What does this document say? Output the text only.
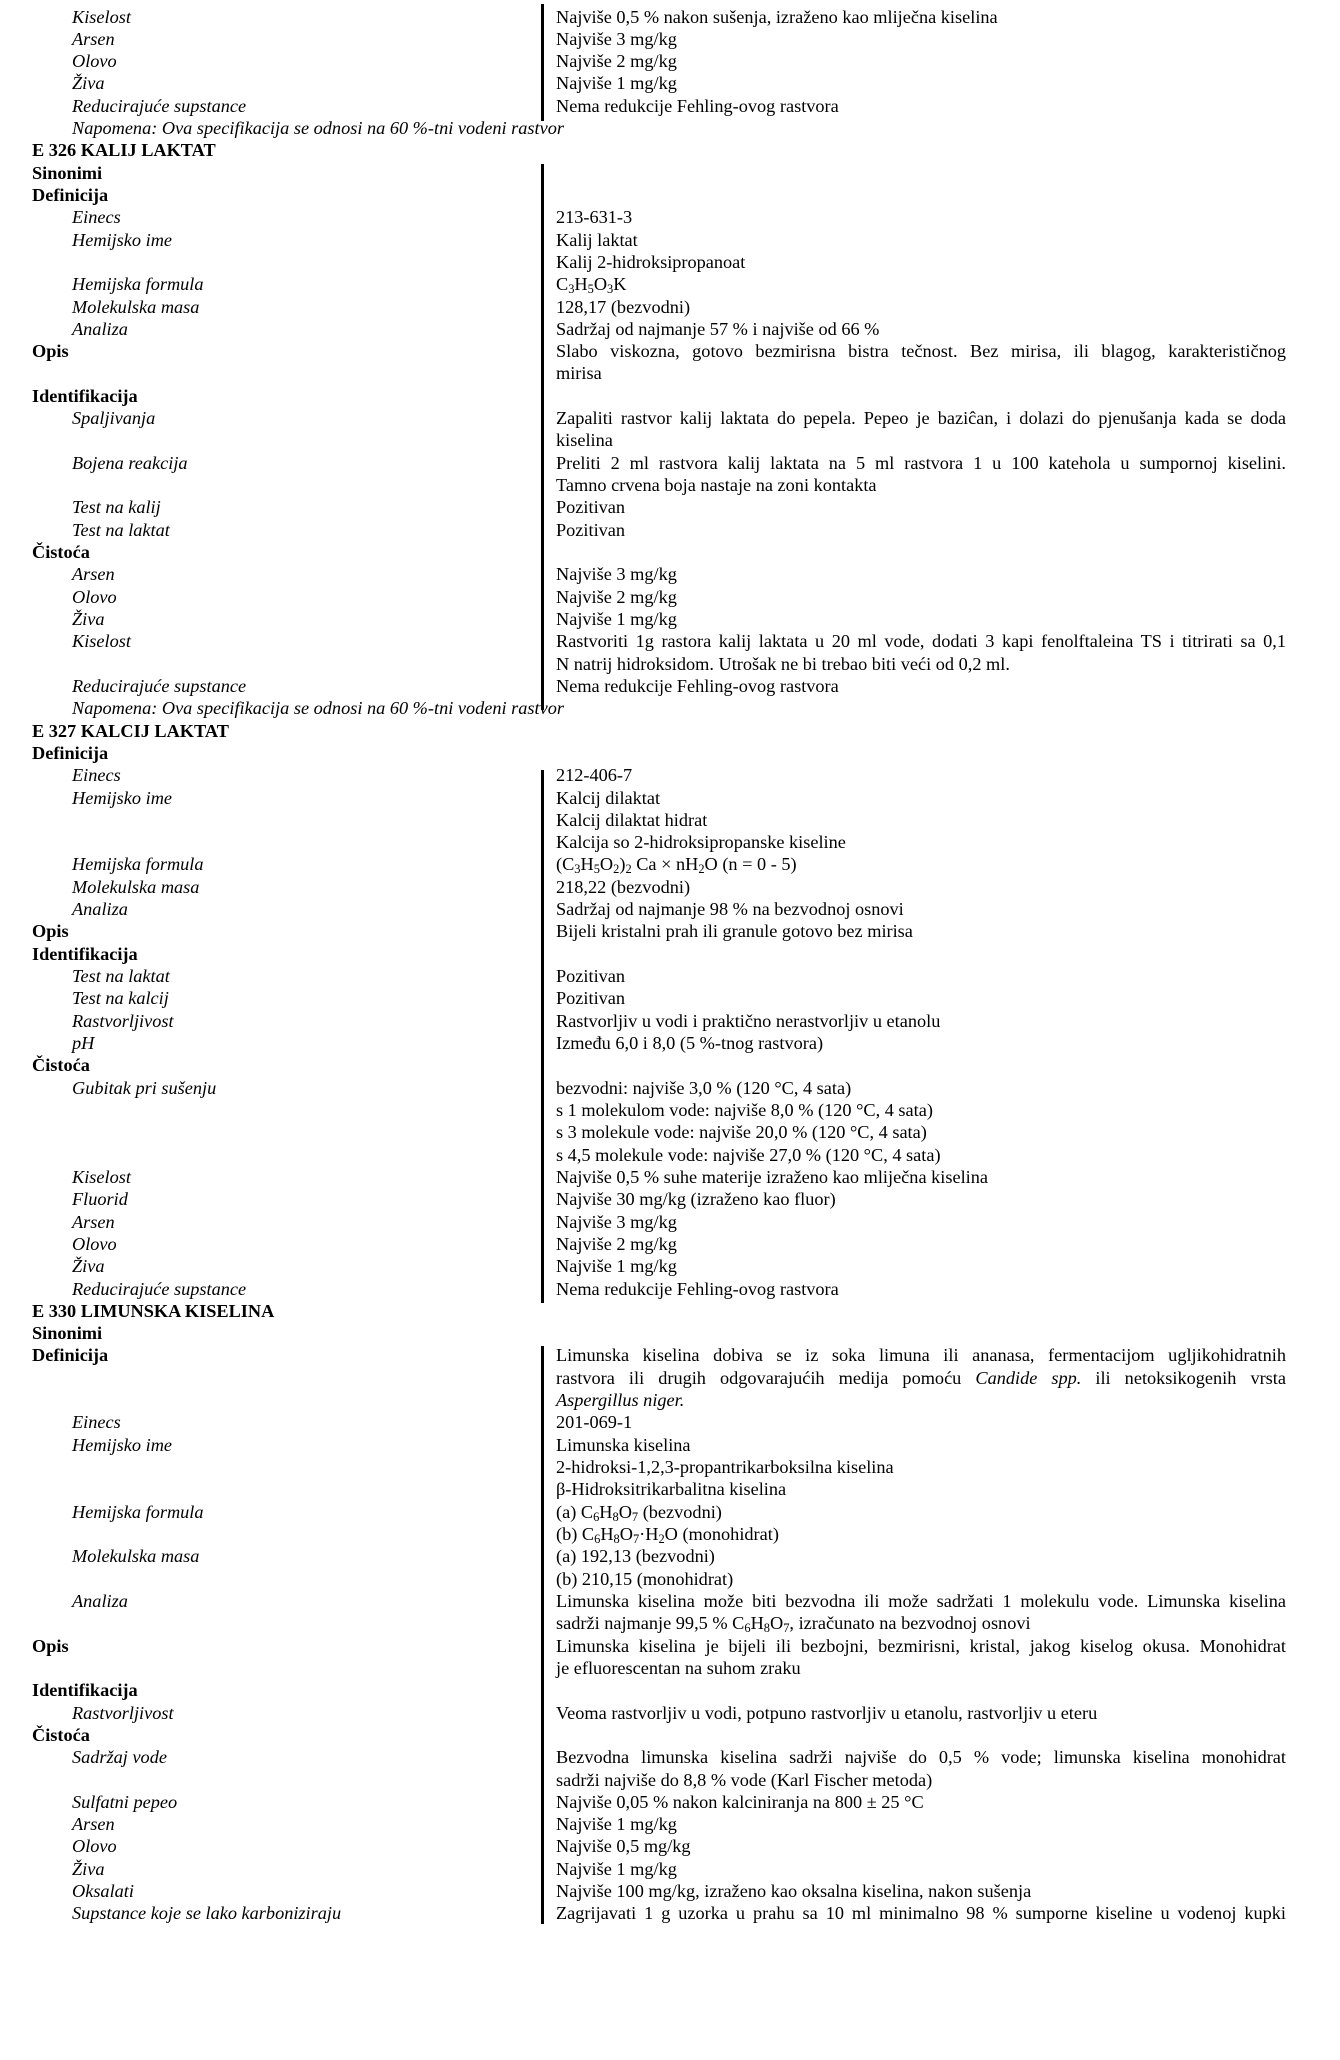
Kiselost	Najviše 0,5 % nakon sušenja, izraženo kao mliječna kiselina
Arsen	Najviše 3 mg/kg
Olovo	Najviše 2 mg/kg
Živa	Najviše 1 mg/kg
Reducirajuće supstance	Nema redukcije Fehling-ovog rastvora
Napomena: Ova specifikacija se odnosi na 60 %-tni vodeni rastvor
E 326 KALIJ LAKTAT
Sinonimi
Definicija
Einecs	213-631-3
Hemijsko ime	Kalij laktat
Kalij 2-hidroksipropanoat
Hemijska formula	$C_3H_5O_3K$
Molekulska masa	128,17 (bezvodni)
Analiza	Sadržaj od najmanje 57 % i najviše od 66 %
Opis	Slabo viskozna, gotovo bezmirisna bistra tečnost. Bez mirisa, ili blagog, karakterističnog
mirisa
Identifikacija
Spaljivanja	Zapaliti rastvor kalij laktata do pepela. Pepeo je baziĉan, i dolazi do pjenušanja kada se doda
kiselina
Bojena reakcija	Preliti 2 ml rastvora kalij laktata na 5 ml rastvora 1 u 100 katehola u sumpornoj kiselini.
Tamno crvena boja nastaje na zoni kontakta
Test na kalij	Pozitivan
Test na laktat	Pozitivan
Čistoća
Arsen	Najviše 3 mg/kg
Olovo	Najviše 2 mg/kg
Živa	Najviše 1 mg/kg
Kiselost	Rastvoriti 1g rastora kalij laktata u 20 ml vode, dodati 3 kapi fenolftaleina TS i titrirati sa 0,1
N natrij hidroksidom. Utrošak ne bi trebao biti veći od 0,2 ml.
Reducirajuće supstance	Nema redukcije Fehling-ovog rastvora
Napomena: Ova specifikacija se odnosi na 60 %-tni vodeni rastvor
E 327 KALCIJ LAKTAT
Definicija
Einecs	212-406-7
Hemijsko ime	Kalcij dilaktat
Kalcij dilaktat hidrat
Kalcija so 2-hidroksipropanske kiseline
Hemijska formula	$(C_3H_5O_2)_2$ $Ca \times nH_2O$ (n = 0 - 5)
Molekulska masa	218,22 (bezvodni)
Analiza	Sadržaj od najmanje 98 % na bezvodnoj osnovi
Opis	Bijeli kristalni prah ili granule gotovo bez mirisa
Identifikacija
Test na laktat	Pozitivan
Test na kalcij	Pozitivan
Rastvorljivost	Rastvorljiv u vodi i praktično nerastvorljiv u etanolu
pH	Između 6,0 i 8,0 (5 %-tnog rastvora)
Čistoća
Gubitak pri sušenju	bezvodni: najviše 3,0 % (120 °C, 4 sata)
s 1 molekulom vode: najviše 8,0 % (120 °C, 4 sata)
s 3 molekule vode: najviše 20,0 % (120 °C, 4 sata)
s 4,5 molekule vode: najviše 27,0 % (120 °C, 4 sata)
Kiselost	Najviše 0,5 % suhe materije izraženo kao mliječna kiselina
Fluorid	Najviše 30 mg/kg (izraženo kao fluor)
Arsen	Najviše 3 mg/kg
Olovo	Najviše 2 mg/kg
Živa	Najviše 1 mg/kg
Reducirajuće supstance	Nema redukcije Fehling-ovog rastvora
E 330 LIMUNSKA KISELINA
Sinonimi
Definicija	Limunska kiselina dobiva se iz soka limuna ili ananasa, fermentacijom ugljikohidratnih
rastvora ili drugih odgovarajućih medija pomoću Candide spp. ili netoksikogenih vrsta
Aspergillus niger.
Einecs	201-069-1
Hemijsko ime	Limunska kiselina
2-hidroksi-1,2,3-propantrikarboksilna kiselina
β-Hidroksitrikarbalitna kiselina
Hemijska formula	(a) $C_6H_8O_7$ (bezvodni)
(b) $C_6H_8O_7\cdot H_2O$ (monohidrat)
Molekulska masa	(a) 192,13 (bezvodni)
(b) 210,15 (monohidrat)
Analiza	Limunska kiselina može biti bezvodna ili može sadržati 1 molekulu vode. Limunska kiselina
sadrži najmanje 99,5 % $C_6H_8O_7$, izračunato na bezvodnoj osnovi
Opis	Limunska kiselina je bijeli ili bezbojni, bezmirisni, kristal, jakog kiselog okusa. Monohidrat
je efluorescentan na suhom zraku
Identifikacija
Rastvorljivost	Veoma rastvorljiv u vodi, potpuno rastvorljiv u etanolu, rastvorljiv u eteru
Čistoća
Sadržaj vode	Bezvodna limunska kiselina sadrži najviše do 0,5 % vode; limunska kiselina monohidrat
sadrži najviše do 8,8 % vode (Karl Fischer metoda)
Sulfatni pepeo	Najviše 0,05 % nakon kalciniranja na 800 ± 25 °C
Arsen	Najviše 1 mg/kg
Olovo	Najviše 0,5 mg/kg
Živa	Najviše 1 mg/kg
Oksalati	Najviše 100 mg/kg, izraženo kao oksalna kiselina, nakon sušenja
Supstance koje se lako karboniziraju	Zagrijavati 1 g uzorka u prahu sa 10 ml minimalno 98 % sumporne kiseline u vodenoj kupki
